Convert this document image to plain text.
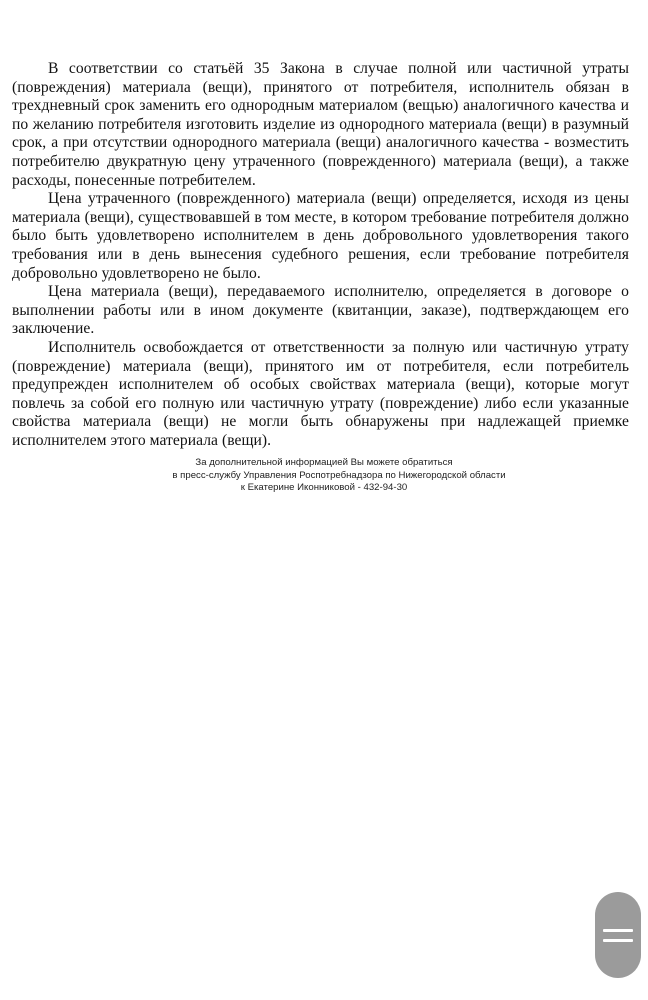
В соответствии со статьёй 35 Закона в случае полной или частичной утраты (повреждения) материала (вещи), принятого от потребителя, исполнитель обязан в трехдневный срок заменить его однородным материалом (вещью) аналогичного качества и по желанию потребителя изготовить изделие из однородного материала (вещи) в разумный срок, а при отсутствии однородного материала (вещи) аналогичного качества - возместить потребителю двукратную цену утраченного (поврежденного) материала (вещи), а также расходы, понесенные потребителем.

Цена утраченного (поврежденного) материала (вещи) определяется, исходя из цены материала (вещи), существовавшей в том месте, в котором требование потребителя должно было быть удовлетворено исполнителем в день добровольного удовлетворения такого требования или в день вынесения судебного решения, если требование потребителя добровольно удовлетворено не было.

Цена материала (вещи), передаваемого исполнителю, определяется в договоре о выполнении работы или в ином документе (квитанции, заказе), подтверждающем его заключение.

Исполнитель освобождается от ответственности за полную или частичную утрату (повреждение) материала (вещи), принятого им от потребителя, если потребитель предупрежден исполнителем об особых свойствах материала (вещи), которые могут повлечь за собой его полную или частичную утрату (повреждение) либо если указанные свойства материала (вещи) не могли быть обнаружены при надлежащей приемке исполнителем этого материала (вещи).

За дополнительной информацией Вы можете обратиться
в пресс-службу Управления Роспотребнадзора по Нижегородской области
к Екатерине Иконниковой - 432-94-30
